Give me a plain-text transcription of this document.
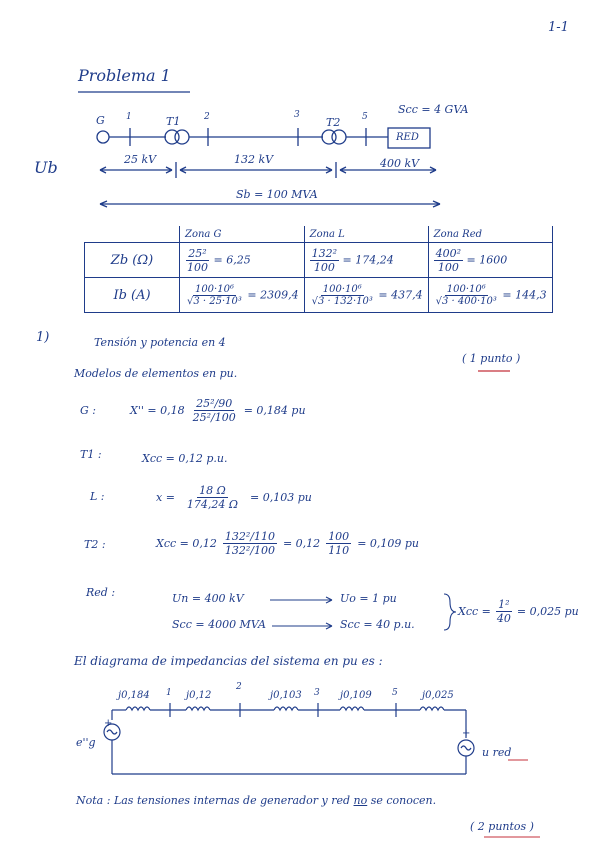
1-1
Problema 1
G 1	T1	2	3
T2 5
Scc = 4 GVA
RED
Ub	25 kV	132 kV	400 kV
Sb = 100 MVA
	Zona G	Zona L	Zona Red
Zb (Ω)	$\frac{\text{25²}}{100} = 6,25$	$\frac{\text{132²}}{100} = 174,24$	$\frac{\text{400²}}{100} = 1600$
Ib (A)	$\frac{\text{100·10⁶}}{\text{√3 · 25·10³}} = 2309,4$	$\frac{\text{100·10⁶}}{\text{√3 · 132·10³}} = 437,4$	$\frac{\text{100·10⁶}}{\text{√3 · 400·10³}} = 144,3$
1)	Tensión y potencia en 4
( 1 punto )
Modelos de elementos en pu.
G :	$X'' = 0,18 \frac{\text{25²/90}}{\text{25²/100}} = 0,184$ pu
T1 :	Xcc = 0,12 p.u.
L :	$x = \frac{18 \Omega}{174,24 \Omega} = 0,103$ pu
T2 :	Xcc = $0,12 \frac{\text{132²/110}}{\text{132²/100}} = 0,12 \frac{100}{110} = 0,109$ pu
Red :	Un = 400 kV	Uo = 1 pu
Scc = 4000 MVA	Scc = 40 p.u.
Xcc = $\frac{\text{1²}}{40} = 0,025$ pu
El diagrama de impedancias del sistema en pu es :
j0,184	j0,12	j0,103	j0,109	j0,025
1
2
3	5
+
+
e''g
u red
Nota : Las tensiones internas de generador y red no se conocen.
( 2 puntos )
